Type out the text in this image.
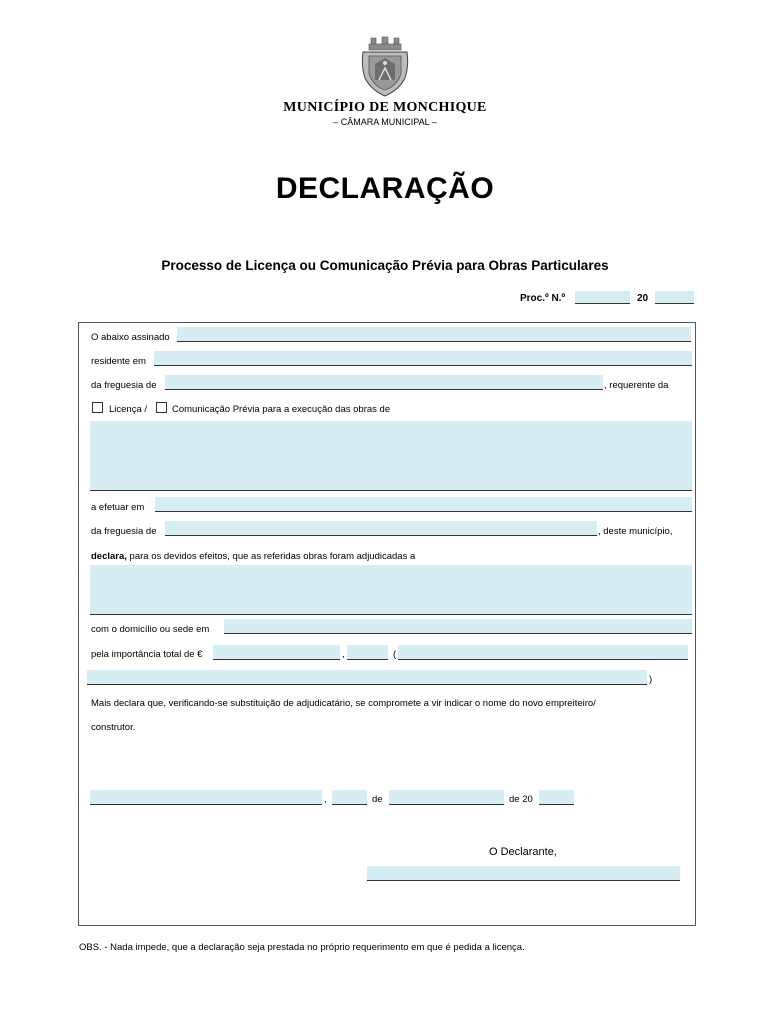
MUNICÍPIO DE MONCHIQUE
– CÂMARA MUNICIPAL –
DECLARAÇÃO
Processo de Licença ou Comunicação Prévia para Obras Particulares
Proc.º N.º	20
O abaixo assinado
residente em
da freguesia de	, requerente da
Licença /	Comunicação Prévia para a execução das obras de
a efetuar em
da freguesia de	, deste município,
declara, para os devidos efeitos, que as referidas obras foram adjudicadas a
com o domicílio ou sede em
pela importância total de €	,	(
)
Mais declara que, verificando-se substituição de adjudicatário, se compromete a vir indicar o nome do novo empreiteiro/
construtor.
,	de	de 20
O Declarante,
OBS. - Nada impede, que a declaração seja prestada no próprio requerimento em que é pedida a licença.
